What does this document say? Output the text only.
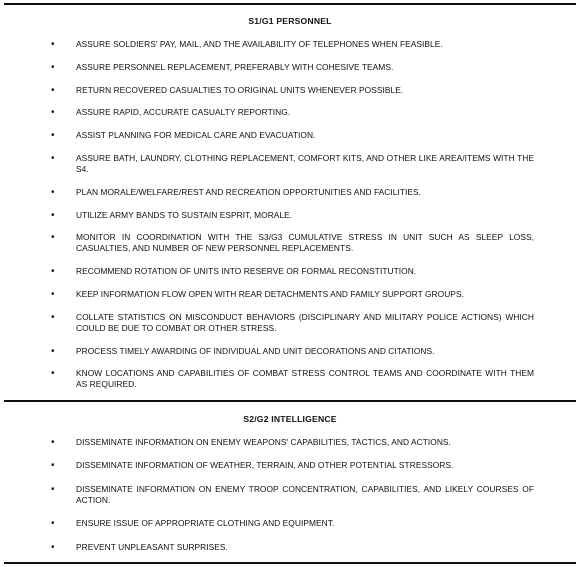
S1/G1 PERSONNEL
•	ASSURE SOLDIERS' PAY, MAIL, AND THE AVAILABILITY OF TELEPHONES WHEN FEASIBLE.
•	ASSURE PERSONNEL REPLACEMENT, PREFERABLY WITH COHESIVE TEAMS.
•	RETURN RECOVERED CASUALTIES TO ORIGINAL UNITS WHENEVER POSSIBLE.
•	ASSURE RAPID, ACCURATE CASUALTY REPORTING.
•	ASSIST PLANNING FOR MEDICAL CARE AND EVACUATION.
•	ASSURE BATH, LAUNDRY, CLOTHING REPLACEMENT, COMFORT KITS, AND OTHER LIKE AREA/ITEMS WITH THE S4.
•	PLAN MORALE/WELFARE/REST AND RECREATION OPPORTUNITIES AND FACILITIES.
•	UTILIZE ARMY BANDS TO SUSTAIN ESPRIT, MORALE.
•	MONITOR IN COORDINATION WITH THE S3/G3 CUMULATIVE STRESS IN UNIT SUCH AS SLEEP LOSS, CASUALTIES, AND NUMBER OF NEW PERSONNEL REPLACEMENTS.
•	RECOMMEND ROTATION OF UNITS INTO RESERVE OR FORMAL RECONSTITUTION.
•	KEEP INFORMATION FLOW OPEN WITH REAR DETACHMENTS AND FAMILY SUPPORT GROUPS.
•	COLLATE STATISTICS ON MISCONDUCT BEHAVIORS (DISCIPLINARY AND MILITARY POLICE ACTIONS) WHICH COULD BE DUE TO COMBAT OR OTHER STRESS.
•	PROCESS TIMELY AWARDING OF INDIVIDUAL AND UNIT DECORATIONS AND CITATIONS.
•	KNOW LOCATIONS AND CAPABILITIES OF COMBAT STRESS CONTROL TEAMS AND COORDINATE WITH THEM AS REQUIRED.
S2/G2 INTELLIGENCE
•	DISSEMINATE INFORMATION ON ENEMY WEAPONS' CAPABILITIES, TACTICS, AND ACTIONS.
•	DISSEMINATE INFORMATION OF WEATHER, TERRAIN, AND OTHER POTENTIAL STRESSORS.
•	DISSEMINATE INFORMATION ON ENEMY TROOP CONCENTRATION, CAPABILITIES, AND LIKELY COURSES OF ACTION.
•	ENSURE ISSUE OF APPROPRIATE CLOTHING AND EQUIPMENT.
•	PREVENT UNPLEASANT SURPRISES.
